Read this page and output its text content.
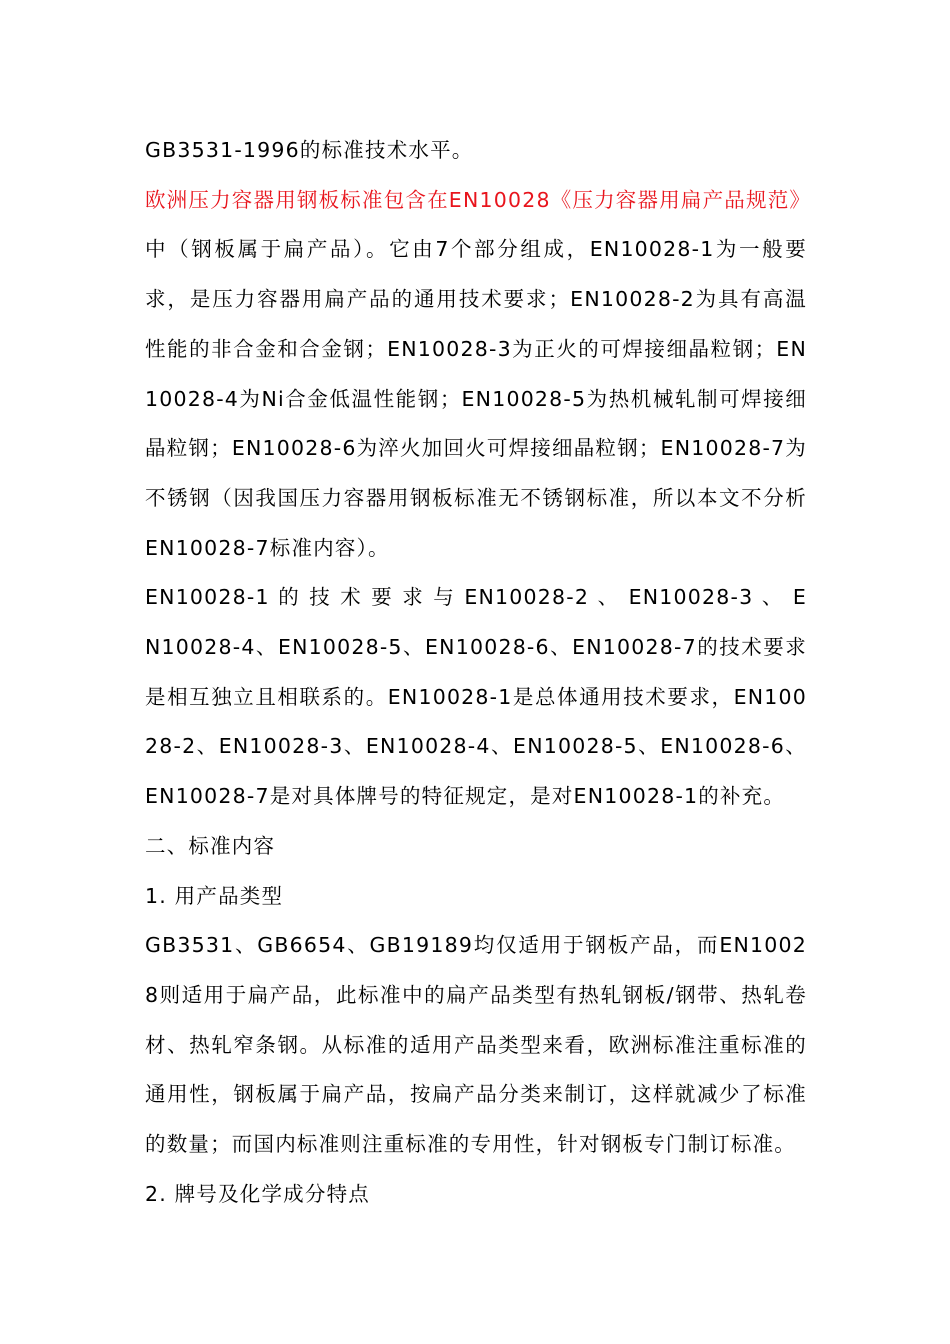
GB3531-1996的标准技术水平。

欧洲压力容器用钢板标准包含在EN10028《压力容器用扁产品规范》中（钢板属于扁产品）。它由7个部分组成，EN10028-1为一般要求，是压力容器用扁产品的通用技术要求；EN10028-2为具有高温性能的非合金和合金钢；EN10028-3为正火的可焊接细晶粒钢；EN10028-4为Ni合金低温性能钢；EN10028-5为热机械轧制可焊接细晶粒钢；EN10028-6为淬火加回火可焊接细晶粒钢；EN10028-7为不锈钢（因我国压力容器用钢板标准无不锈钢标准，所以本文不分析EN10028-7标准内容）。

EN10028-1 的 技 术 要 求 与 EN10028-2 、 EN10028-3 、 EN10028-4、EN10028-5、EN10028-6、EN10028-7的技术要求是相互独立且相联系的。EN10028-1是总体通用技术要求，EN10028-2、EN10028-3、EN10028-4、EN10028-5、EN10028-6、EN10028-7是对具体牌号的特征规定，是对EN10028-1的补充。

二、标准内容

1. 用产品类型

GB3531、GB6654、GB19189均仅适用于钢板产品，而EN10028则适用于扁产品，此标准中的扁产品类型有热轧钢板/钢带、热轧卷材、热轧窄条钢。从标准的适用产品类型来看，欧洲标准注重标准的通用性，钢板属于扁产品，按扁产品分类来制订，这样就减少了标准的数量；而国内标准则注重标准的专用性，针对钢板专门制订标准。

2. 牌号及化学成分特点
